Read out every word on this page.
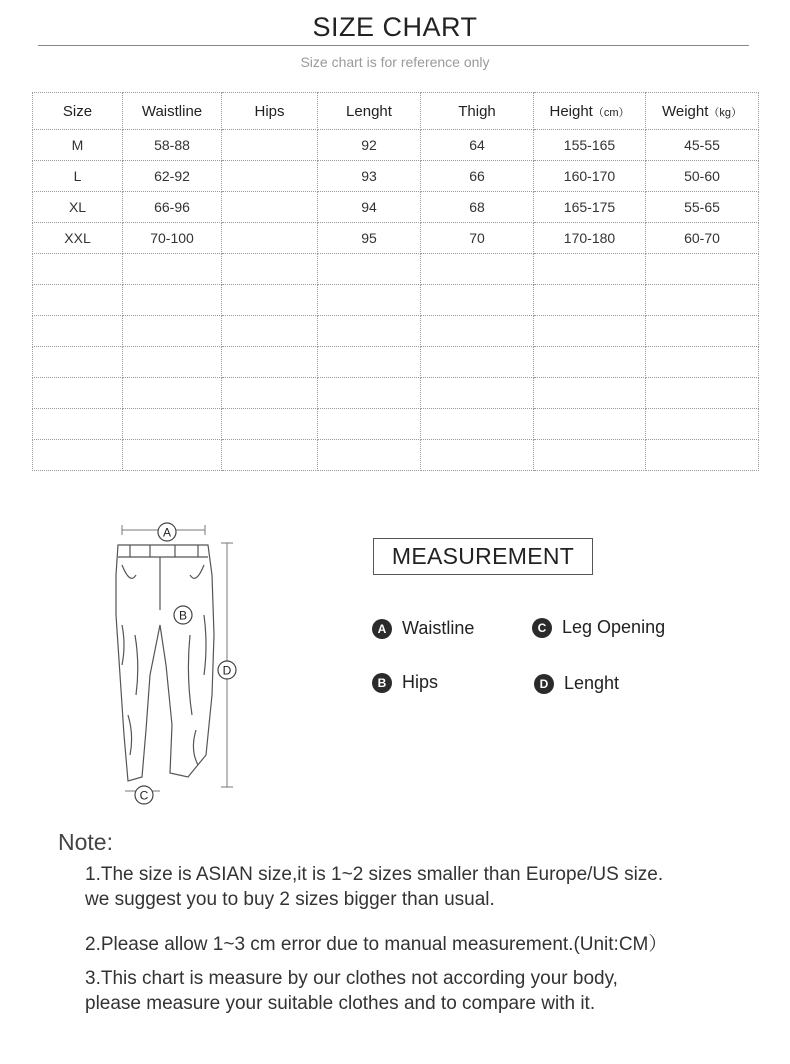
SIZE CHART
Size chart is for reference only
Size	Waistline	Hips	Lenght	Thigh	Height（cm）	Weight（kg）
M	58-88		92	64	155-165	45-55
L	62-92		93	66	160-170	50-60
XL	66-96		94	68	165-175	55-65
XXL	70-100		95	70	170-180	60-70

A
B
D
C
MEASUREMENT
A Waistline	C Leg Opening
B Hips	D Lenght
Note:
1.The size is ASIAN size,it is 1~2 sizes smaller than Europe/US size.
we suggest you to buy 2 sizes bigger than usual.
2.Please allow 1~3 cm error due to manual measurement.(Unit:CM）
3.This chart is measure by our clothes not according your body,
please measure your suitable clothes and to compare with it.
